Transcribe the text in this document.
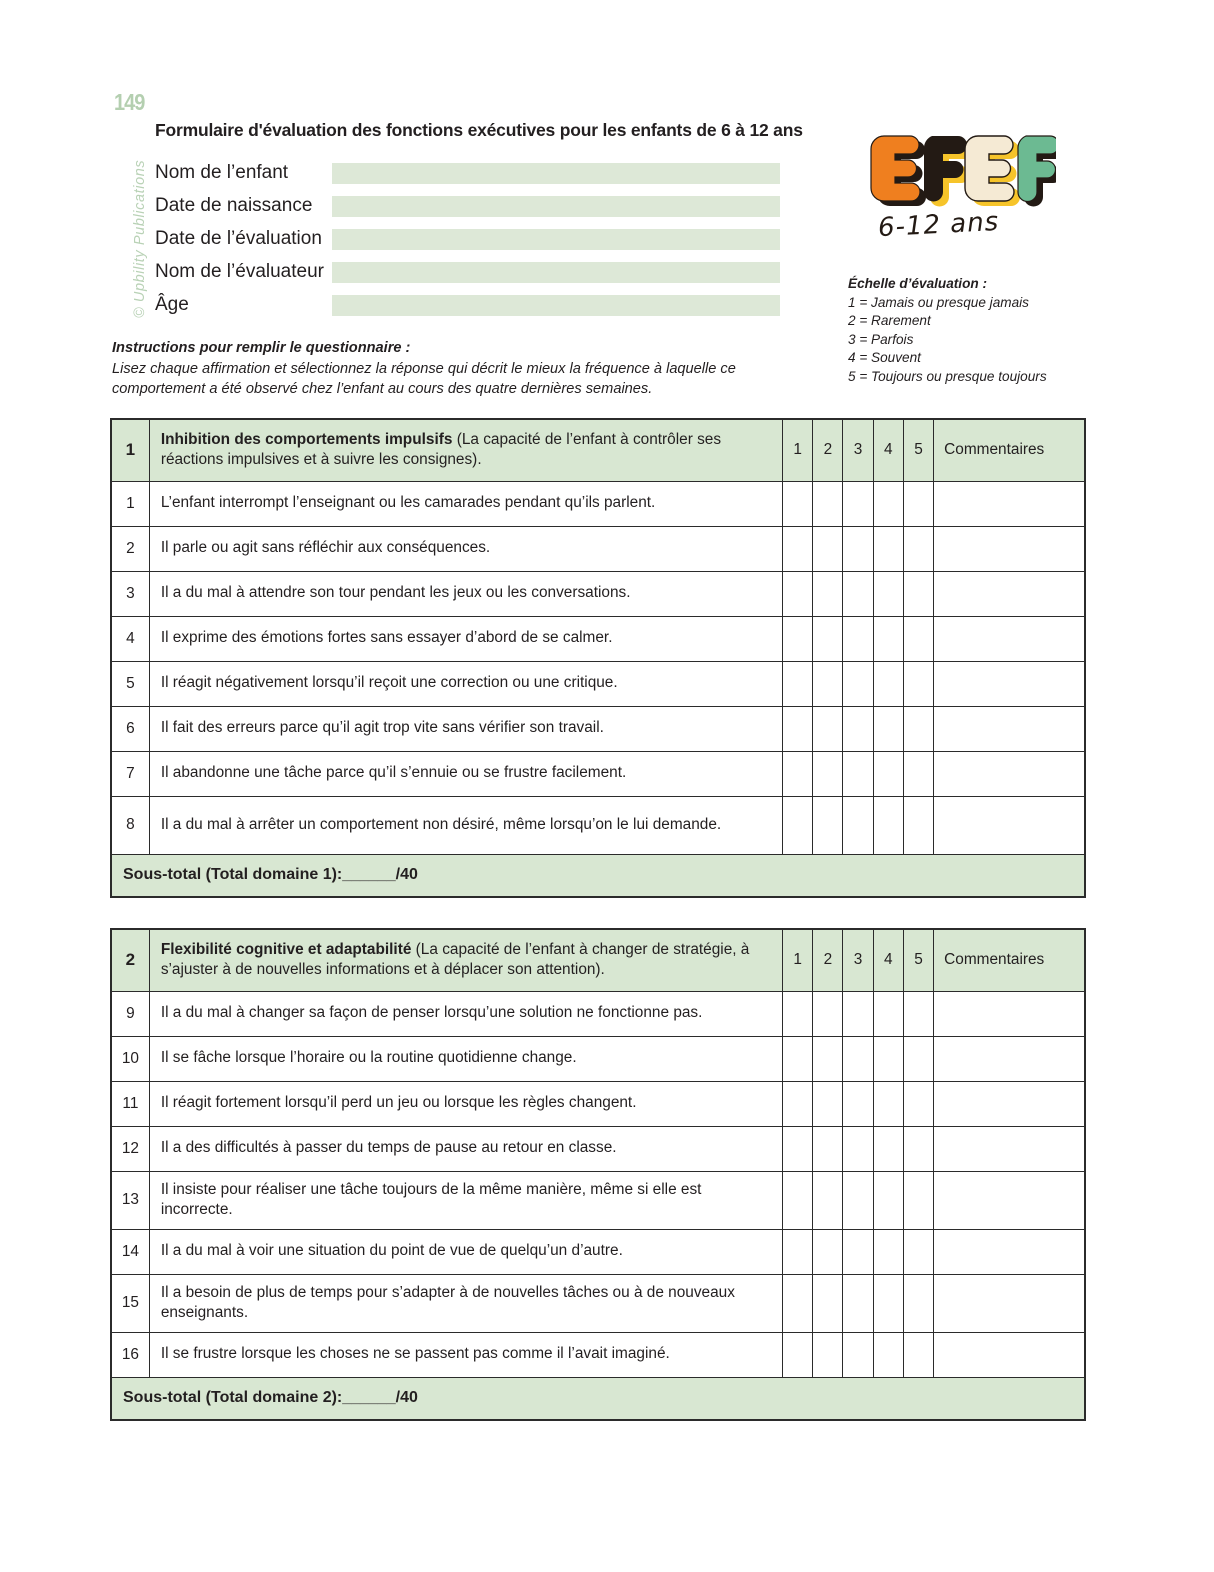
149
© Upbility Publications
Formulaire d'évaluation des fonctions exécutives pour les enfants de 6 à 12 ans
Nom de l’enfant
Date de naissance
Date de l’évaluation
Nom de l’évaluateur
Âge
6-12 ans
Échelle d’évaluation :
1 = Jamais ou presque jamais
2 = Rarement
3 = Parfois
4 = Souvent
5 = Toujours ou presque toujours
Instructions pour remplir le questionnaire :
Lisez chaque affirmation et sélectionnez la réponse qui décrit le mieux la fréquence à laquelle ce comportement a été observé chez l’enfant au cours des quatre dernières semaines.
1	Inhibition des comportements impulsifs (La capacité de l’enfant à contrôler ses réactions impulsives et à suivre les consignes).	1	2	3	4	5	Commentaires
1	L’enfant interrompt l’enseignant ou les camarades pendant qu’ils parlent.						

2	Il parle ou agit sans réfléchir aux conséquences.						

3	Il a du mal à attendre son tour pendant les jeux ou les conversations.						

4	Il exprime des émotions fortes sans essayer d’abord de se calmer.						

5	Il réagit négativement lorsqu’il reçoit une correction ou une critique.						

6	Il fait des erreurs parce qu’il agit trop vite sans vérifier son travail.						

7	Il abandonne une tâche parce qu’il s’ennuie ou se frustre facilement.						

8	Il a du mal à arrêter un comportement non désiré, même lorsqu’on le lui demande.						

Sous-total (Total domaine 1):______/40							
2	Flexibilité cognitive et adaptabilité (La capacité de l’enfant à changer de stratégie, à s’ajuster à de nouvelles informations et à déplacer son attention).	1	2	3	4	5	Commentaires
9	Il a du mal à changer sa façon de penser lorsqu’une solution ne fonctionne pas.						

10	Il se fâche lorsque l’horaire ou la routine quotidienne change.						

11	Il réagit fortement lorsqu’il perd un jeu ou lorsque les règles changent.						

12	Il a des difficultés à passer du temps de pause au retour en classe.						

13	Il insiste pour réaliser une tâche toujours de la même manière, même si elle est incorrecte.						

14	Il a du mal à voir une situation du point de vue de quelqu’un d’autre.						

15	Il a besoin de plus de temps pour s’adapter à de nouvelles tâches ou à de nouveaux enseignants.						

16	Il se frustre lorsque les choses ne se passent pas comme il l’avait imaginé.						

Sous-total (Total domaine 2):______/40							
